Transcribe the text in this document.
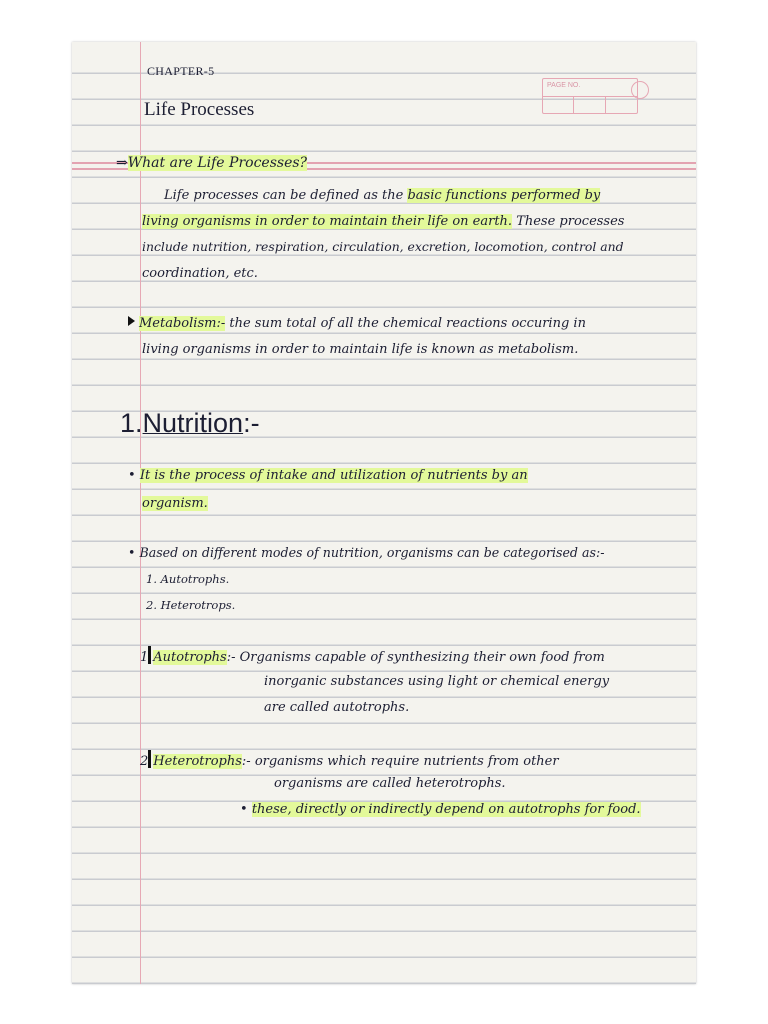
PAGE NO.
CHAPTER-5
Life Processes
⇒What are Life Processes?
Life processes can be defined as the basic functions performed by
living organisms in order to maintain their life on earth. These processes
include nutrition, respiration, circulation, excretion, locomotion, control and
coordination, etc.
Metabolism:- the sum total of all the chemical reactions occuring in
living organisms in order to maintain life is known as metabolism.
1.Nutrition:-
• It is the process of intake and utilization of nutrients by an
organism.
• Based on different modes of nutrition, organisms can be categorised as:-
1. Autotrophs.
2. Heterotrops.
1 Autotrophs:- Organisms capable of synthesizing their own food from
inorganic substances using light or chemical energy
are called autotrophs.
2 Heterotrophs:- organisms which require nutrients from other
organisms are called heterotrophs.
• these, directly or indirectly depend on autotrophs for food.
